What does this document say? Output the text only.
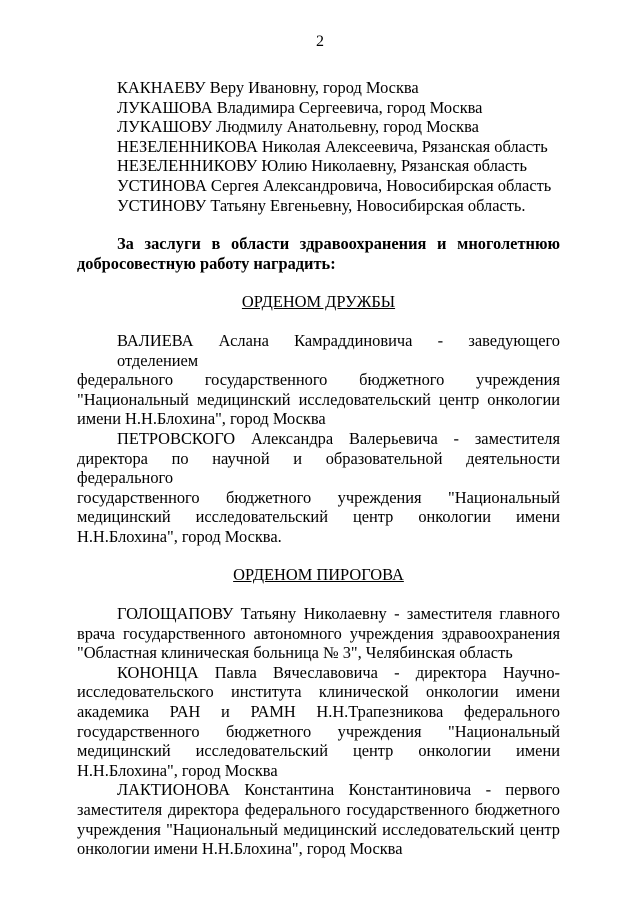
2
КАКНАЕВУ Веру Ивановну, город Москва
ЛУКАШОВА Владимира Сергеевича, город Москва
ЛУКАШОВУ Людмилу Анатольевну, город Москва
НЕЗЕЛЕННИКОВА Николая Алексеевича, Рязанская область
НЕЗЕЛЕННИКОВУ Юлию Николаевну, Рязанская область
УСТИНОВА Сергея Александровича, Новосибирская область
УСТИНОВУ Татьяну Евгеньевну, Новосибирская область.
За заслуги в области здравоохранения и многолетнюю
добросовестную работу наградить:
ОРДЕНОМ ДРУЖБЫ
ВАЛИЕВА Аслана Камраддиновича - заведующего отделением
федерального государственного бюджетного учреждения
"Национальный медицинский исследовательский центр онкологии
имени Н.Н.Блохина", город Москва
ПЕТРОВСКОГО Александра Валерьевича - заместителя
директора по научной и образовательной деятельности федерального
государственного бюджетного учреждения "Национальный
медицинский исследовательский центр онкологии имени
Н.Н.Блохина", город Москва.
ОРДЕНОМ ПИРОГОВА
ГОЛОЩАПОВУ Татьяну Николаевну - заместителя главного
врача государственного автономного учреждения здравоохранения
"Областная клиническая больница № 3", Челябинская область
КОНОНЦА Павла Вячеславовича - директора Научно-
исследовательского института клинической онкологии имени
академика РАН и РАМН Н.Н.Трапезникова федерального
государственного бюджетного учреждения "Национальный
медицинский исследовательский центр онкологии имени
Н.Н.Блохина", город Москва
ЛАКТИОНОВА Константина Константиновича - первого
заместителя директора федерального государственного бюджетного
учреждения "Национальный медицинский исследовательский центр
онкологии имени Н.Н.Блохина", город Москва
